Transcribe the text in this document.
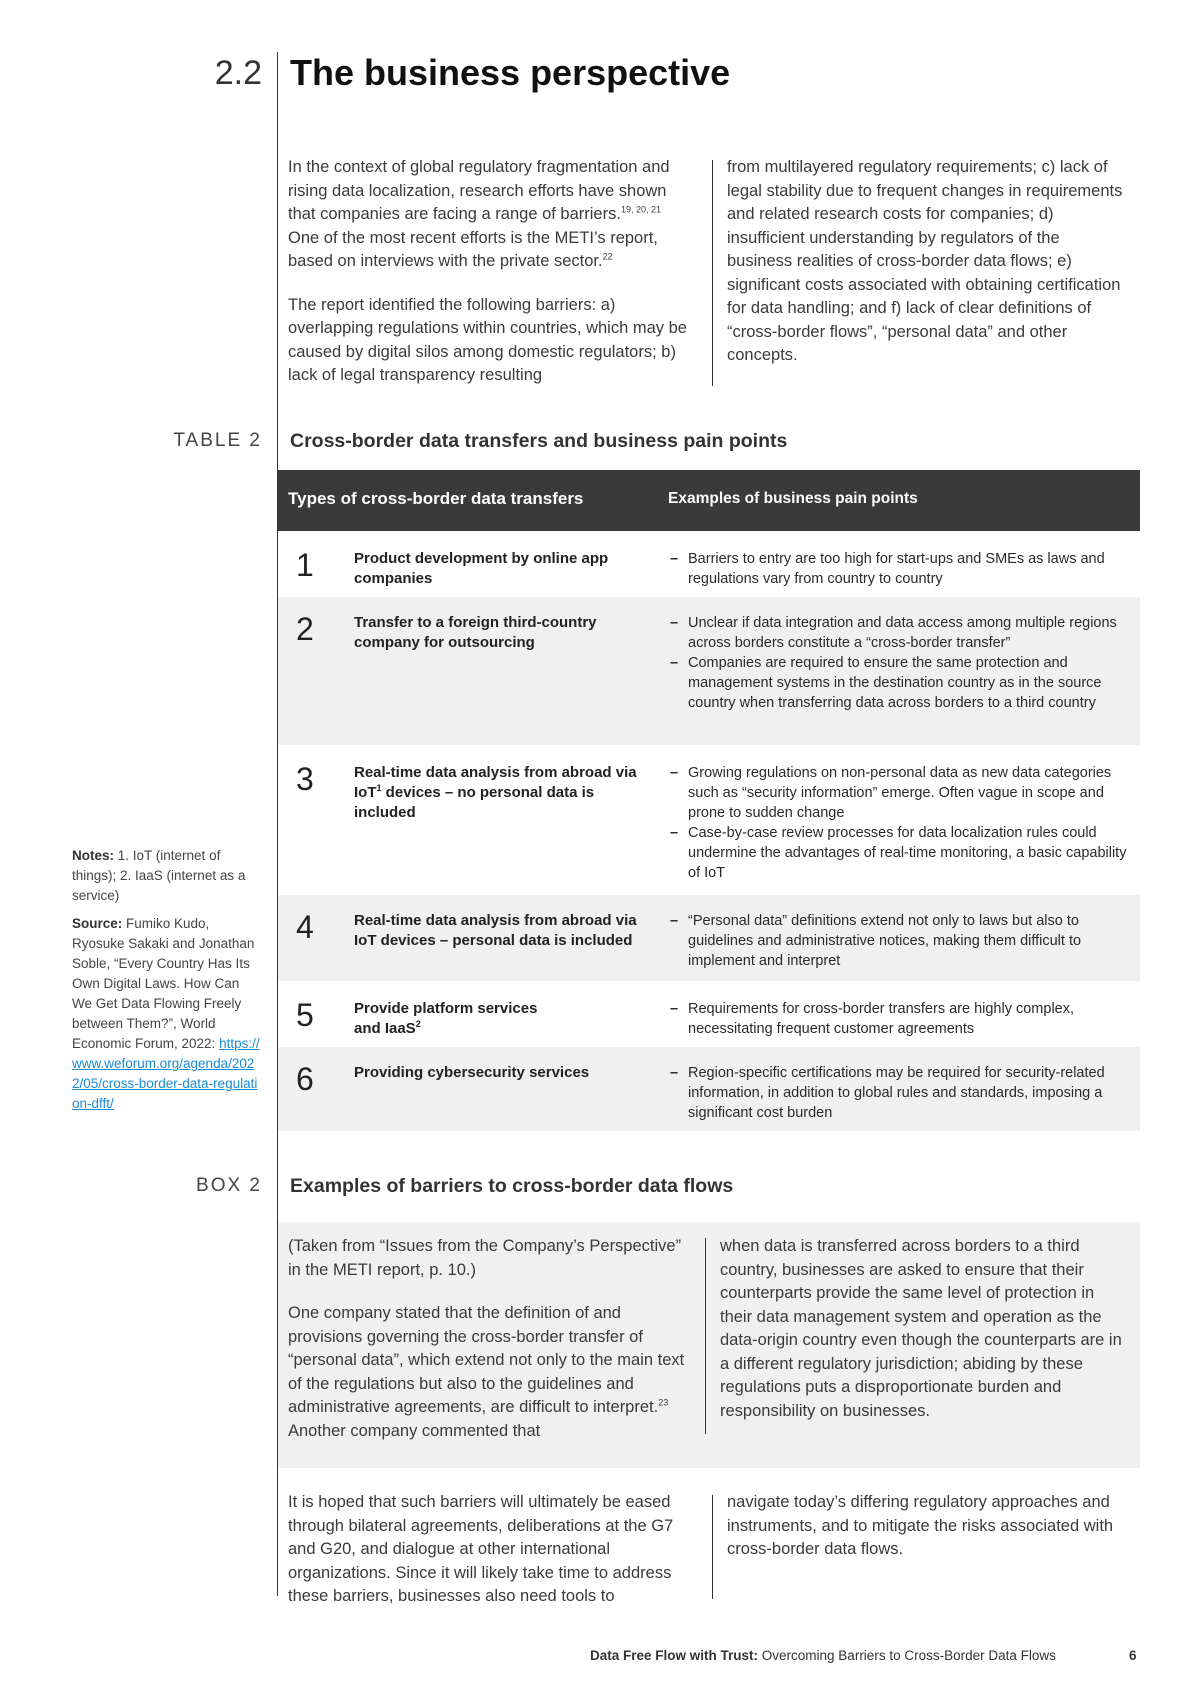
2.2 The business perspective

In the context of global regulatory fragmentation and rising data localization, research efforts have shown that companies are facing a range of barriers.$^{19, 20, 21}$ One of the most recent efforts is the METI’s report, based on interviews with the private sector.$^{22}$

The report identified the following barriers: a) overlapping regulations within countries, which may be caused by digital silos among domestic regulators; b) lack of legal transparency resulting

from multilayered regulatory requirements; c) lack of legal stability due to frequent changes in requirements and related research costs for companies; d) insufficient understanding by regulators of the business realities of cross-border data flows; e) significant costs associated with obtaining certification for data handling; and f) lack of clear definitions of “cross-border flows”, “personal data” and other concepts.

TABLE 2 Cross-border data transfers and business pain points
Types of cross-border data transfers	Examples of business pain points
1	Product development by online app companies
– Barriers to entry are too high for start-ups and SMEs as laws and regulations vary from country to country
2	Transfer to a foreign third-country company for outsourcing
– Unclear if data integration and data access among multiple regions across borders constitute a “cross-border transfer”
– Companies are required to ensure the same protection and management systems in the destination country as in the source country when transferring data across borders to a third country
3	Real-time data analysis from abroad via IoT$^1$ devices – no personal data is included
– Growing regulations on non-personal data as new data categories such as “security information” emerge. Often vague in scope and prone to sudden change
– Case-by-case review processes for data localization rules could undermine the advantages of real-time monitoring, a basic capability of IoT
4	Real-time data analysis from abroad via IoT devices – personal data is included
– “Personal data” definitions extend not only to laws but also to guidelines and administrative notices, making them difficult to implement and interpret
5	Provide platform services and IaaS$^2$
– Requirements for cross-border transfers are highly complex, necessitating frequent customer agreements
6	Providing cybersecurity services
–	Region-specific certifications may be required for security-related information, in addition to global rules and standards, imposing a significant cost burden

Notes: 1. IoT (internet of things); 2. IaaS (internet as a service)

Source: Fumiko Kudo, Ryosuke Sakaki and Jonathan Soble, “Every Country Has Its Own Digital Laws. How Can We Get Data Flowing Freely between Them?”, World Economic Forum, 2022: https://www.weforum.org/agenda/2022/05/cross-border-data-regulation-dfft/

BOX 2 Examples of barriers to cross-border data flows

(Taken from “Issues from the Company’s Perspective” in the METI report, p. 10.)

One company stated that the definition of and provisions governing the cross-border transfer of “personal data”, which extend not only to the main text of the regulations but also to the guidelines and administrative agreements, are difficult to interpret.$^{23}$ Another company commented that

when data is transferred across borders to a third country, businesses are asked to ensure that their counterparts provide the same level of protection in their data management system and operation as the data-origin country even though the counterparts are in a different regulatory jurisdiction; abiding by these regulations puts a disproportionate burden and responsibility on businesses.

It is hoped that such barriers will ultimately be eased through bilateral agreements, deliberations at the G7 and G20, and dialogue at other international organizations. Since it will likely take time to address these barriers, businesses also need tools to

navigate today’s differing regulatory approaches and instruments, and to mitigate the risks associated with cross-border data flows.

Data Free Flow with Trust: Overcoming Barriers to Cross-Border Data Flows	6
